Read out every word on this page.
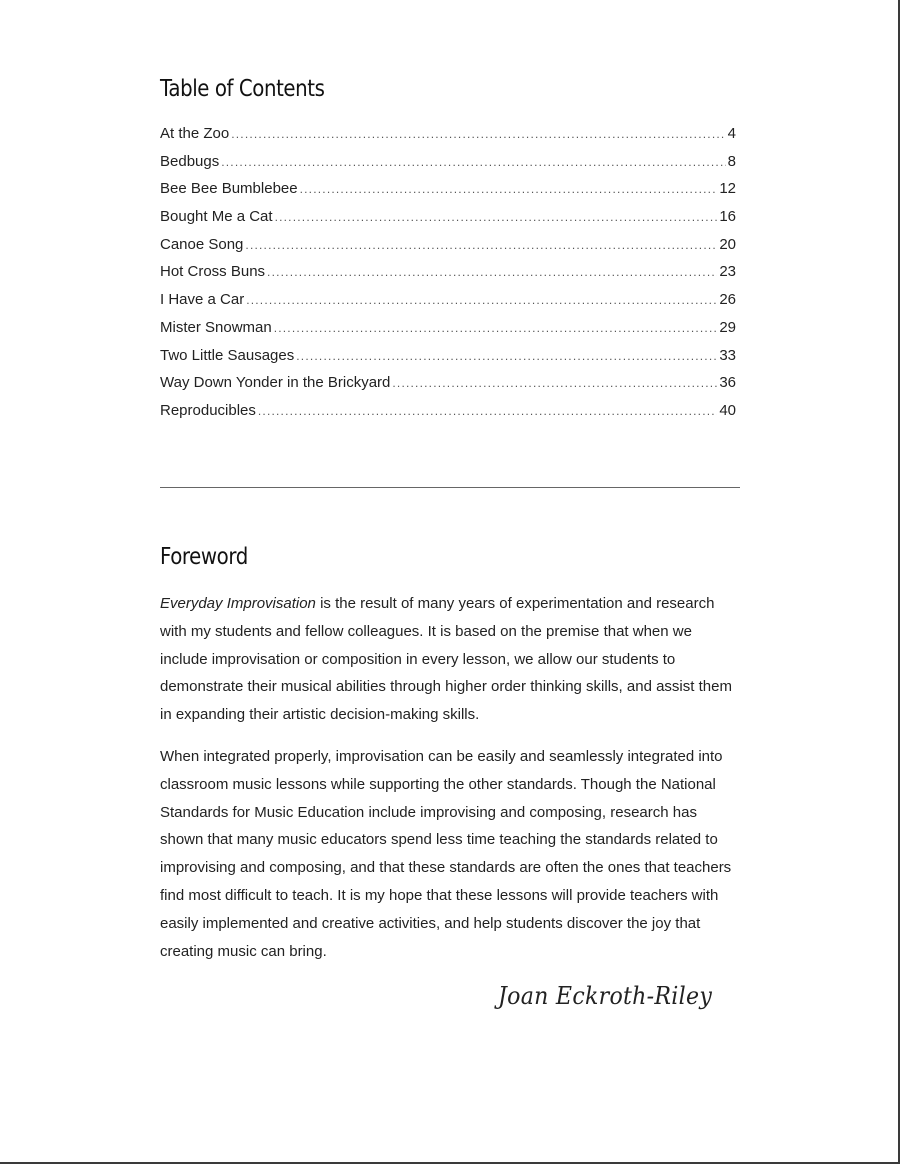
Table of Contents
At the Zoo .....	4
Bedbugs .....	8
Bee Bee Bumblebee .....	12
Bought Me a Cat .....	16
Canoe Song .....	20
Hot Cross Buns .....	23
I Have a Car .....	26
Mister Snowman .....	29
Two Little Sausages .....	33
Way Down Yonder in the Brickyard .....	36
Reproducibles .....	40
Foreword

Everyday Improvisation is the result of many years of experimentation and research with my students and fellow colleagues. It is based on the premise that when we include improvisation or composition in every lesson, we allow our students to demonstrate their musical abilities through higher order thinking skills, and assist them in expanding their artistic decision-making skills.

When integrated properly, improvisation can be easily and seamlessly integrated into classroom music lessons while supporting the other standards. Though the National Standards for Music Education include improvising and composing, research has shown that many music educators spend less time teaching the standards related to improvising and composing, and that these standards are often the ones that teachers find most difficult to teach. It is my hope that these lessons will provide teachers with easily implemented and creative activities, and help students discover the joy that creating music can bring.

Joan Eckroth-Riley
